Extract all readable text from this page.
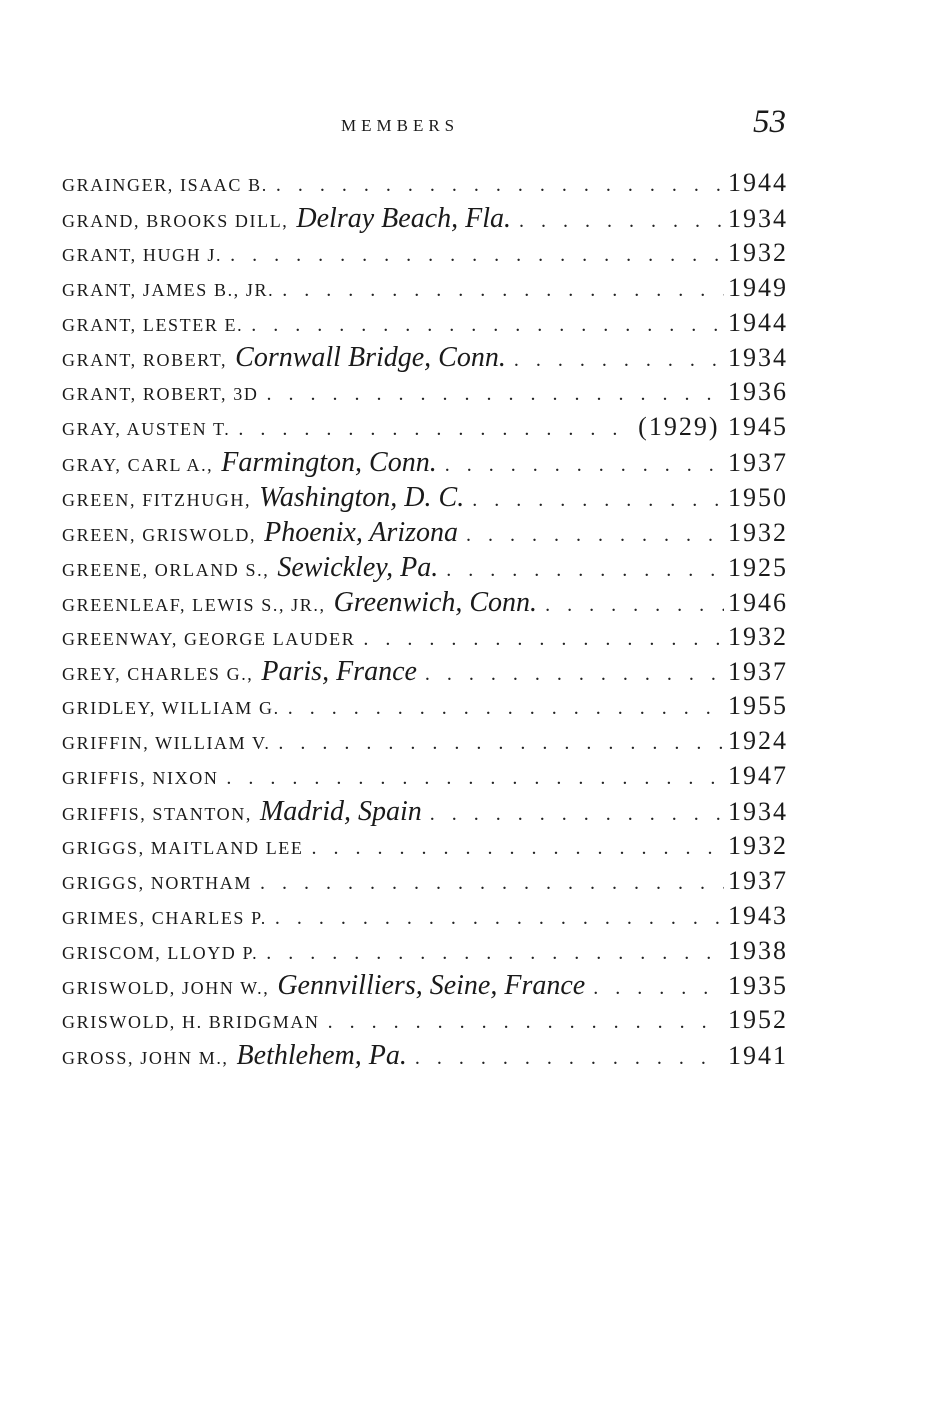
MEMBERS	53
GRAINGER, ISAAC B. . . .	1944
GRAND, BROOKS DILL, Delray Beach, Fla. . . .	1934
GRANT, HUGH J. . . .	1932
GRANT, JAMES B., JR. . . .	1949
GRANT, LESTER E. . . .	1944
GRANT, ROBERT, Cornwall Bridge, Conn. . . .	1934
GRANT, ROBERT, 3D . . .	1936
GRAY, AUSTEN T. . . .	(1929) 1945
GRAY, CARL A., Farmington, Conn. . . .	1937
GREEN, FITZHUGH, Washington, D. C. . . .	1950
GREEN, GRISWOLD, Phoenix, Arizona . . .	1932
GREENE, ORLAND S., Sewickley, Pa. . . .	1925
GREENLEAF, LEWIS S., JR., Greenwich, Conn. . . .	1946
GREENWAY, GEORGE LAUDER . . .	1932
GREY, CHARLES G., Paris, France . . .	1937
GRIDLEY, WILLIAM G. . . .	1955
GRIFFIN, WILLIAM V. . . .	1924
GRIFFIS, NIXON . . .	1947
GRIFFIS, STANTON, Madrid, Spain . . .	1934
GRIGGS, MAITLAND LEE . . .	1932
GRIGGS, NORTHAM . . .	1937
GRIMES, CHARLES P. . . .	1943
GRISCOM, LLOYD P. . . .	1938
GRISWOLD, JOHN W., Gennvilliers, Seine, France . . .	1935
GRISWOLD, H. BRIDGMAN . . .	1952
GROSS, JOHN M., Bethlehem, Pa. . . .	1941
